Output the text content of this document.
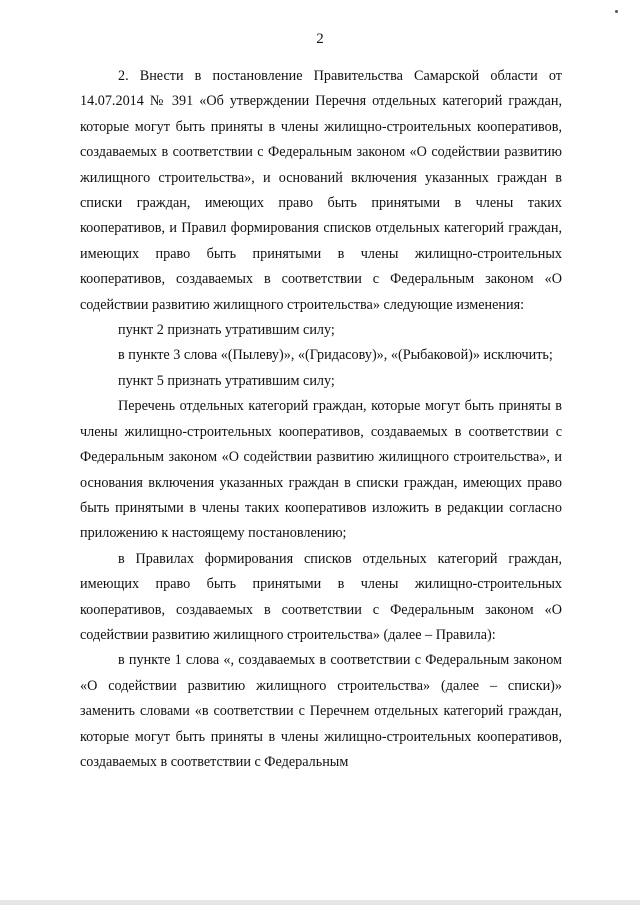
2

2. Внести в постановление Правительства Самарской области от 14.07.2014 № 391 «Об утверждении Перечня отдельных категорий граждан, которые могут быть приняты в члены жилищно-строительных кооперативов, создаваемых в соответствии с Федеральным законом «О содействии развитию жилищного строительства», и оснований включения указанных граждан в списки граждан, имеющих право быть принятыми в члены таких кооперативов, и Правил формирования списков отдельных категорий граждан, имеющих право быть принятыми в члены жилищно-строительных кооперативов, создаваемых в соответствии с Федеральным законом «О содействии развитию жилищного строительства» следующие изменения:

пункт 2 признать утратившим силу;

в пункте 3 слова «(Пылеву)», «(Гридасову)», «(Рыбаковой)» исключить;

пункт 5 признать утратившим силу;

Перечень отдельных категорий граждан, которые могут быть приняты в члены жилищно-строительных кооперативов, создаваемых в соответствии с Федеральным законом «О содействии развитию жилищного строительства», и основания включения указанных граждан в списки граждан, имеющих право быть принятыми в члены таких кооперативов изложить в редакции согласно приложению к настоящему постановлению;

в Правилах формирования списков отдельных категорий граждан, имеющих право быть принятыми в члены жилищно-строительных кооперативов, создаваемых в соответствии с Федеральным законом «О содействии развитию жилищного строительства» (далее – Правила):

в пункте 1 слова «, создаваемых в соответствии с Федеральным законом «О содействии развитию жилищного строительства» (далее – списки)» заменить словами «в соответствии с Перечнем отдельных категорий граждан, которые могут быть приняты в члены жилищно-строительных кооперативов, создаваемых в соответствии с Федеральным
